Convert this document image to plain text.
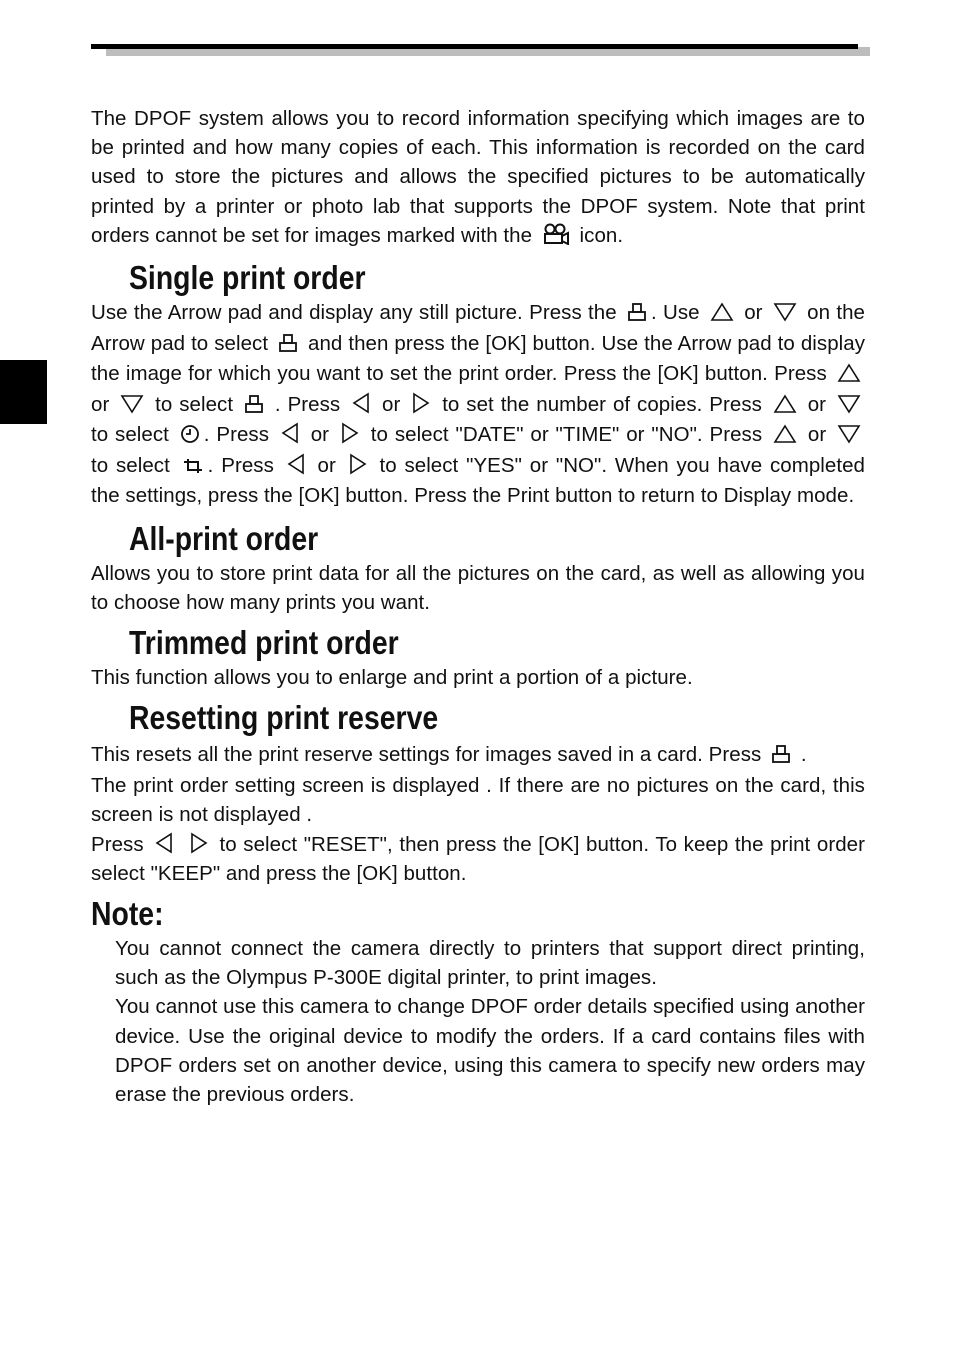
The DPOF system allows you to record information specifying which images are to be printed and how many copies of each. This information is recorded on the card used to store the pictures and allows the specified pictures to be automatically printed by a printer or photo lab that supports the DPOF system. Note that print orders cannot be set for images marked with the icon.

Single print order

Use the Arrow pad and display any still picture. Press the . Use or on the Arrow pad to select and then press the [OK] button. Use the Arrow pad to display the image for which you want to set the print order. Press the [OK] button. Press
or to select . Press or to set the number of copies. Press or
to select . Press or to select "DATE" or "TIME" or "NO". Press or
to select . Press or to select "YES" or "NO". When you have completed the settings, press the [OK] button. Press the Print button to return to Display mode.

All-print order

Allows you to store print data for all the pictures on the card, as well as allowing you to choose how many prints you want.

Trimmed print order

This function allows you to enlarge and print a portion of a picture.

Resetting print reserve

This resets all the print reserve settings for images saved in a card. Press .

The print order setting screen is displayed . If there are no pictures on the card, this screen is not displayed .

Press
	to select "RESET", then press the [OK] button. To keep the print order select "KEEP" and press the [OK] button.

Note:

You cannot connect the camera directly to printers that support direct printing, such as the Olympus P-300E digital printer, to print images.

You cannot use this camera to change DPOF order details specified using another device. Use the original device to modify the orders. If a card contains files with DPOF orders set on another device, using this camera to specify new orders may erase the previous orders.
